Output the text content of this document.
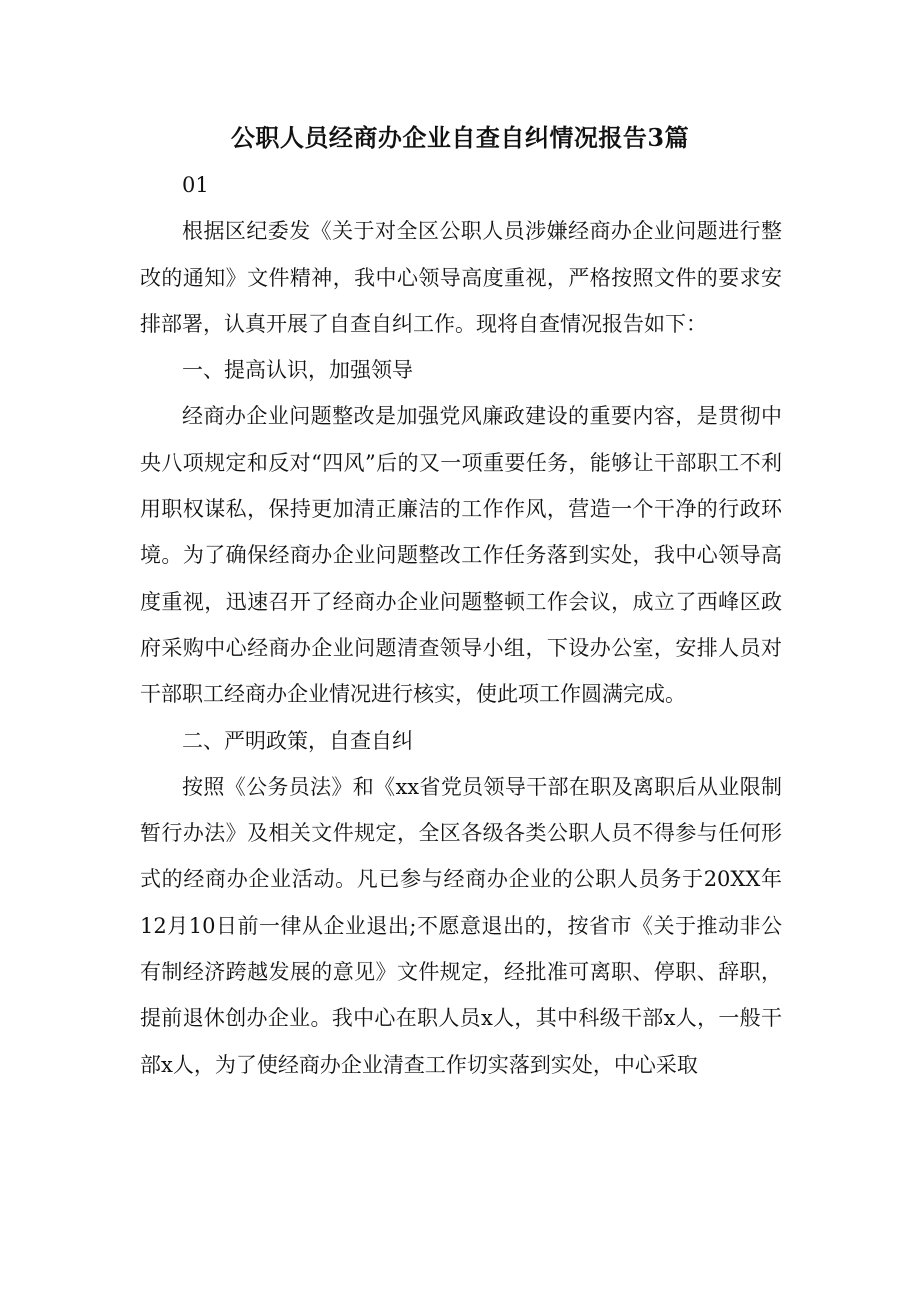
公职人员经商办企业自查自纠情况报告3篇

01

根据区纪委发《关于对全区公职人员涉嫌经商办企业问题进行整改的通知》文件精神，我中心领导高度重视，严格按照文件的要求安排部署，认真开展了自查自纠工作。现将自查情况报告如下：

一、提高认识，加强领导

经商办企业问题整改是加强党风廉政建设的重要内容，是贯彻中央八项规定和反对“四风”后的又一项重要任务，能够让干部职工不利用职权谋私，保持更加清正廉洁的工作作风，营造一个干净的行政环境。为了确保经商办企业问题整改工作任务落到实处，我中心领导高度重视，迅速召开了经商办企业问题整顿工作会议，成立了西峰区政府采购中心经商办企业问题清查领导小组，下设办公室，安排人员对干部职工经商办企业情况进行核实，使此项工作圆满完成。

二、严明政策，自查自纠

按照《公务员法》和《xx省党员领导干部在职及离职后从业限制暂行办法》及相关文件规定，全区各级各类公职人员不得参与任何形式的经商办企业活动。凡已参与经商办企业的公职人员务于20XX年12月10日前一律从企业退出;不愿意退出的，按省市《关于推动非公有制经济跨越发展的意见》文件规定，经批准可离职、停职、辞职，提前退休创办企业。我中心在职人员x人，其中科级干部x人，一般干部x人，为了使经商办企业清查工作切实落到实处，中心采取
